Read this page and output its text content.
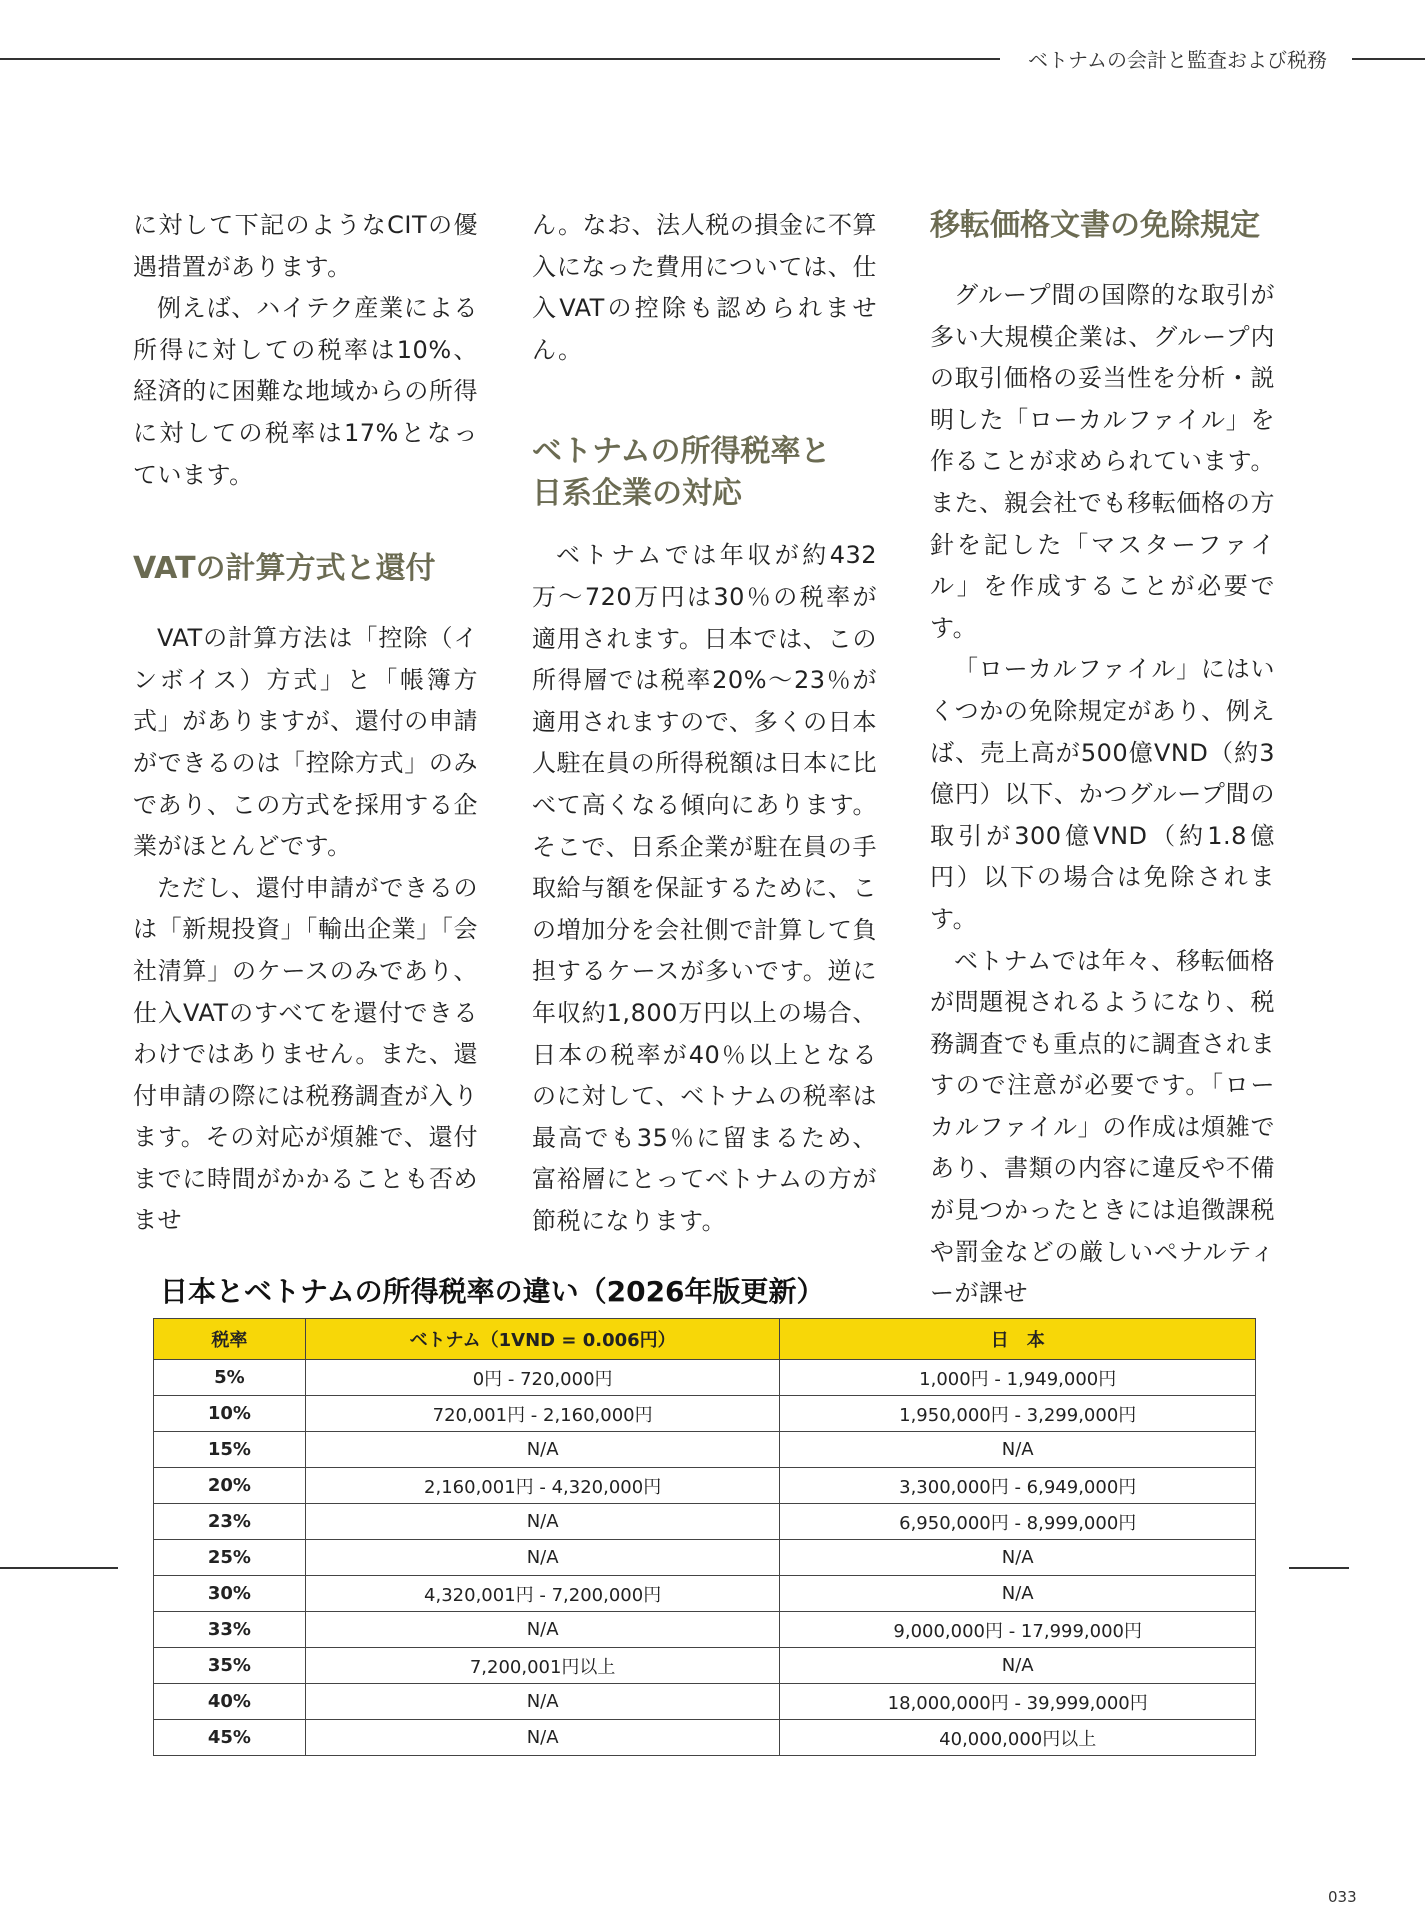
ベトナムの会計と監査および税務

に対して下記のようなCITの優遇措置があります。

例えば、ハイテク産業による所得に対しての税率は10%、経済的に困難な地域からの所得に対しての税率は17%となっています。

VATの計算方式と還付

VATの計算方法は「控除（インボイス）方式」と「帳簿方式」がありますが、還付の申請ができるのは「控除方式」のみであり、この方式を採用する企業がほとんどです。

ただし、還付申請ができるのは「新規投資」「輸出企業」「会社清算」のケースのみであり、仕入VATのすべてを還付できるわけではありません。また、還付申請の際には税務調査が入ります。その対応が煩雑で、還付までに時間がかかることも否めませ

ん。なお、法人税の損金に不算入になった費用については、仕入VATの控除も認められません。

ベトナムの所得税率と
日系企業の対応

ベトナムでは年収が約432万〜720万円は30％の税率が適用されます。日本では、この所得層では税率20%〜23％が適用されますので、多くの日本人駐在員の所得税額は日本に比べて高くなる傾向にあります。そこで、日系企業が駐在員の手取給与額を保証するために、この増加分を会社側で計算して負担するケースが多いです。逆に年収約1,800万円以上の場合、日本の税率が40％以上となるのに対して、ベトナムの税率は最高でも35％に留まるため、富裕層にとってベトナムの方が節税になります。

移転価格文書の免除規定

グループ間の国際的な取引が多い大規模企業は、グループ内の取引価格の妥当性を分析・説明した「ローカルファイル」を作ることが求められています。また、親会社でも移転価格の方針を記した「マスターファイル」を作成することが必要です。

「ローカルファイル」にはいくつかの免除規定があり、例えば、売上高が500億VND（約3億円）以下、かつグループ間の取引が300億VND（約1.8億円）以下の場合は免除されます。

ベトナムでは年々、移転価格が問題視されるようになり、税務調査でも重点的に調査されますので注意が必要です。「ローカルファイル」の作成は煩雑であり、書類の内容に違反や不備が見つかったときには追徴課税や罰金などの厳しいペナルティーが課せ

日本とベトナムの所得税率の違い（2026年版更新）
税率	ベトナム（1VND = 0.006円）	日　本
5%	0円 - 720,000円	1,000円 - 1,949,000円
10%	720,001円 - 2,160,000円	1,950,000円 - 3,299,000円
15%	N/A	N/A
20%	2,160,001円 - 4,320,000円	3,300,000円 - 6,949,000円
23%	N/A	6,950,000円 - 8,999,000円
25%	N/A	N/A
30%	4,320,001円 - 7,200,000円	N/A
33%	N/A	9,000,000円 - 17,999,000円
35%	7,200,001円以上	N/A
40%	N/A	18,000,000円 - 39,999,000円
45%	N/A	40,000,000円以上
033
